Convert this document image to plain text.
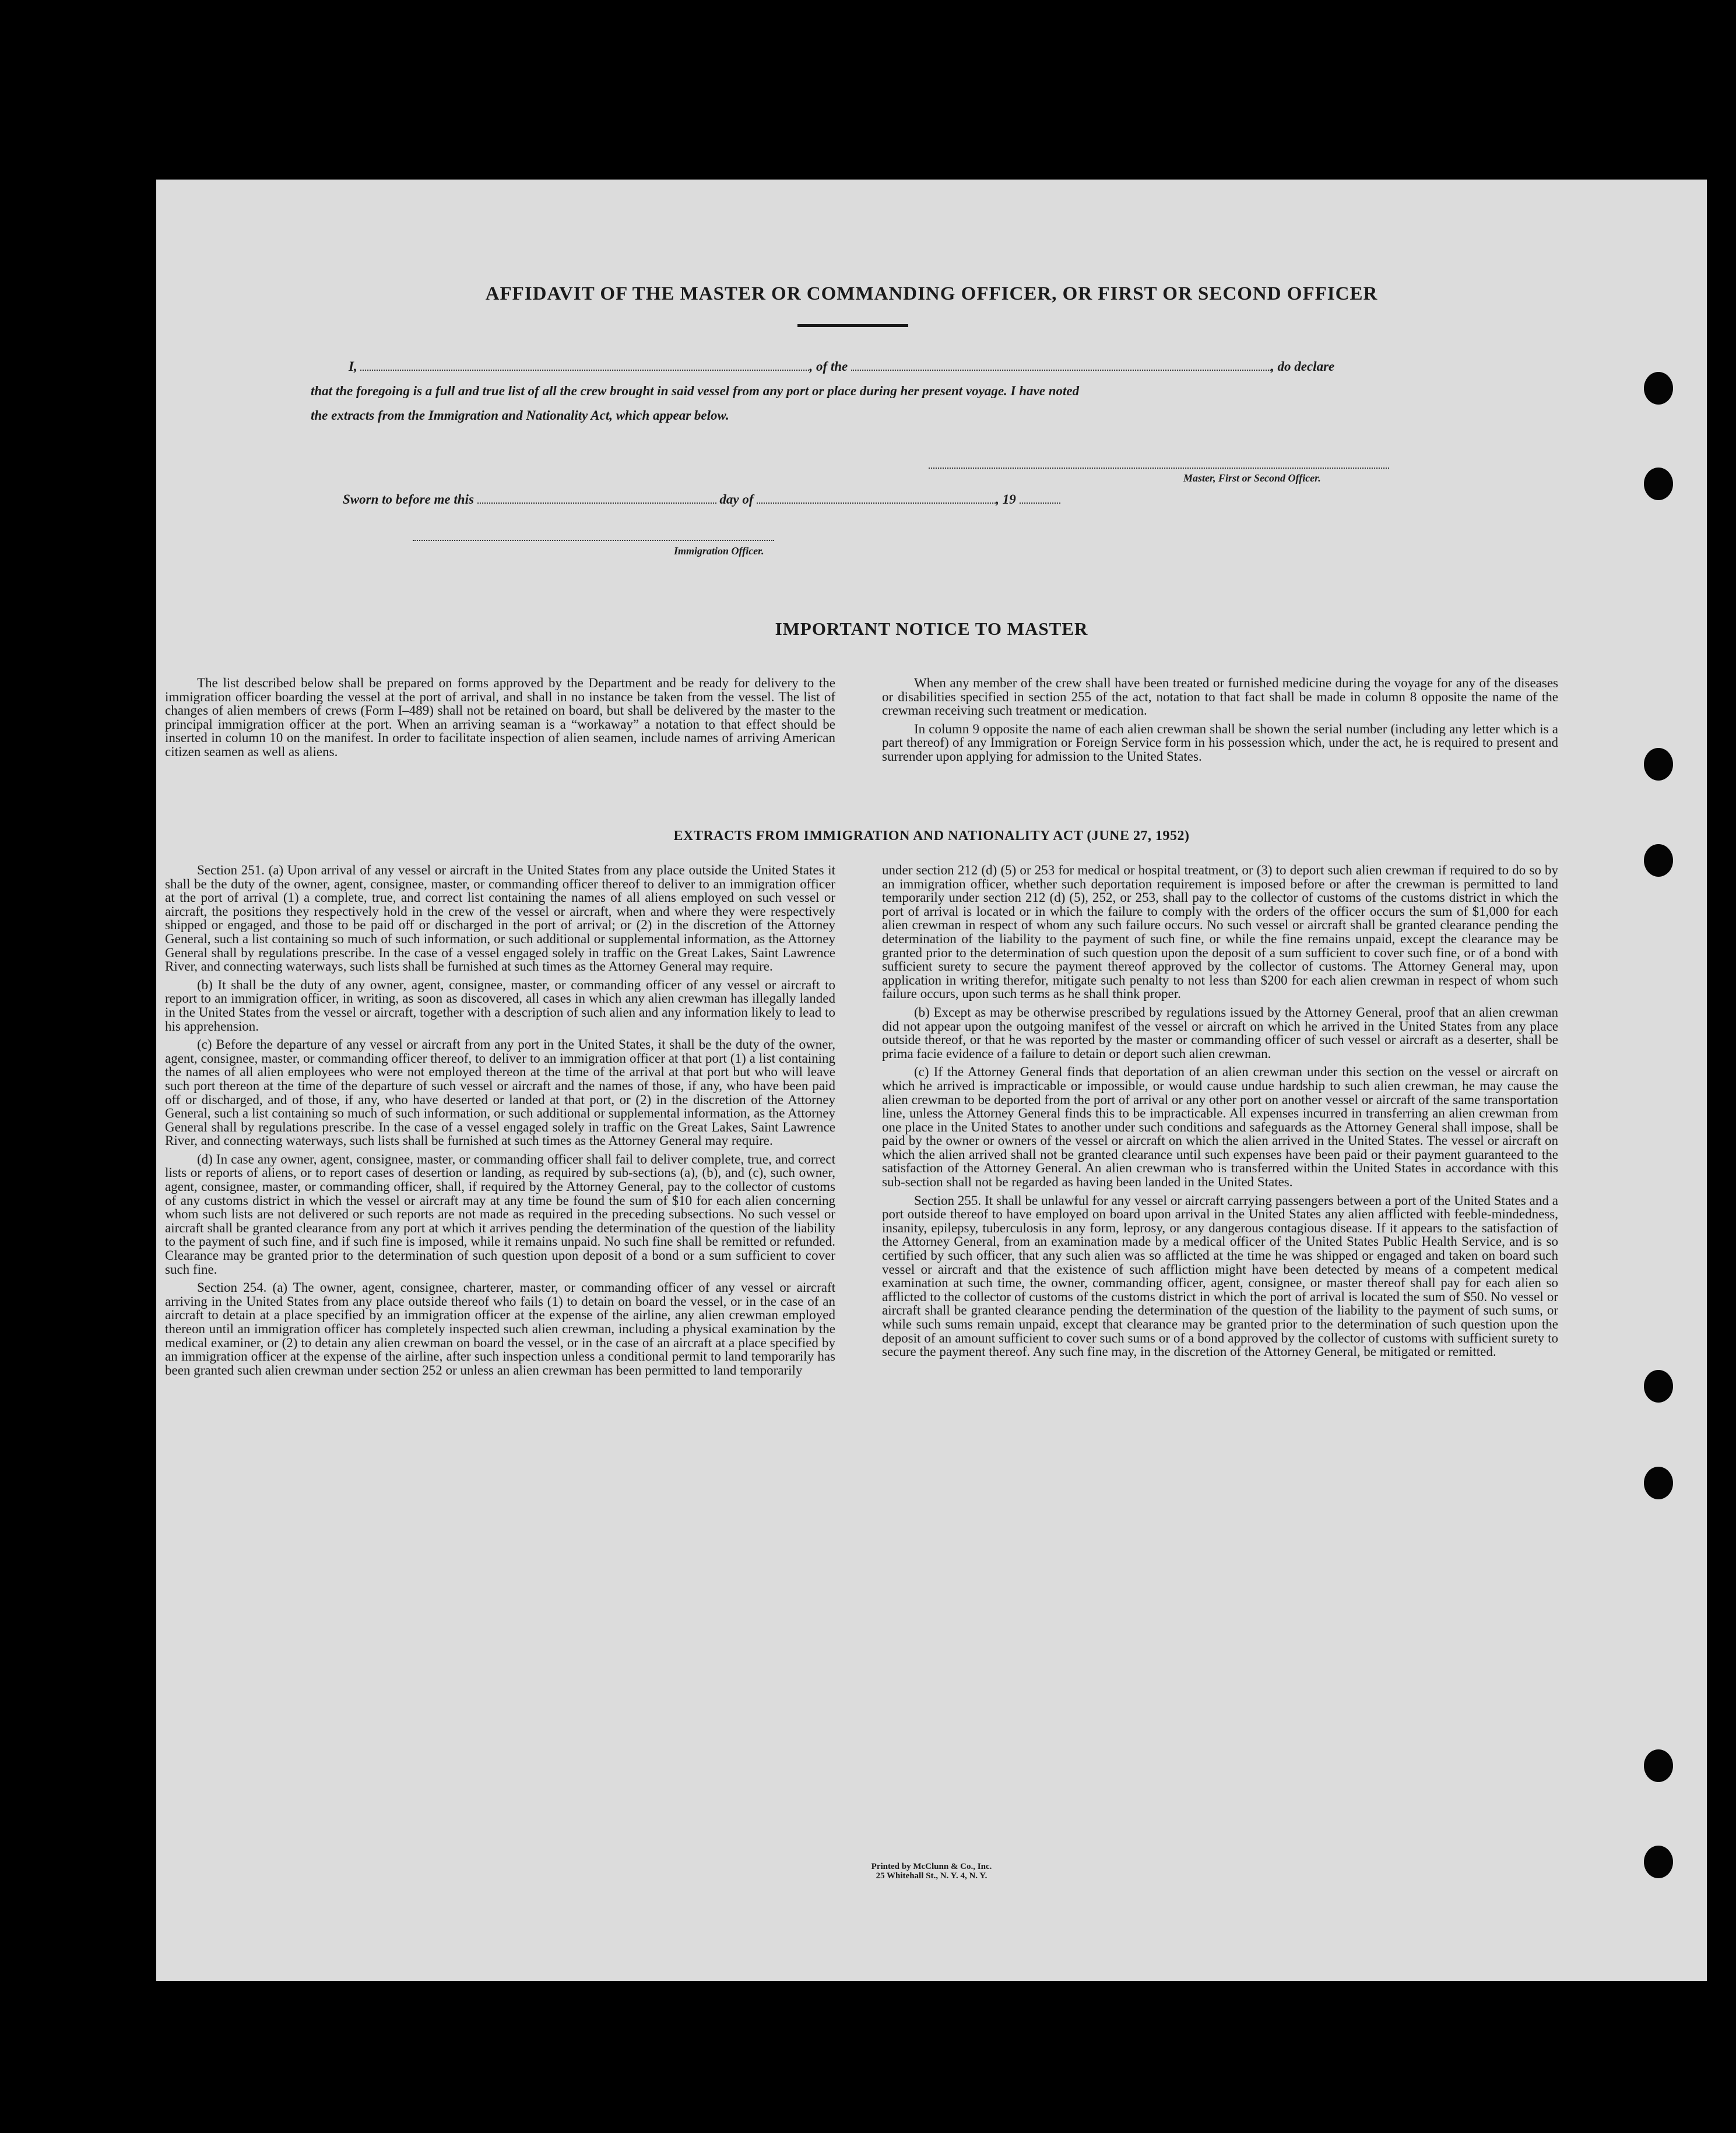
AFFIDAVIT OF THE MASTER OR COMMANDING OFFICER, OR FIRST OR SECOND OFFICER
I,	, of the	, do declare
that the foregoing is a full and true list of all the crew brought in said vessel from any port or place during her present voyage. I have noted
the extracts from the Immigration and Nationality Act, which appear below.
Master, First or Second Officer.
Sworn to before me this	day of	, 19
Immigration Officer.
IMPORTANT NOTICE TO MASTER

The list described below shall be prepared on forms approved by the Department and be ready for delivery to the immigration officer boarding the vessel at the port of arrival, and shall in no instance be taken from the vessel. The list of changes of alien members of crews (Form I–489) shall not be retained on board, but shall be delivered by the master to the principal immigration officer at the port. When an arriving seaman is a “workaway” a notation to that effect should be inserted in column 10 on the manifest. In order to facilitate inspection of alien seamen, include names of arriving American citizen seamen as well as aliens.

When any member of the crew shall have been treated or furnished medicine during the voyage for any of the diseases or disabilities specified in section 255 of the act, notation to that fact shall be made in column 8 opposite the name of the crewman receiving such treatment or medication.

In column 9 opposite the name of each alien crewman shall be shown the serial number (including any letter which is a part thereof) of any Immigration or Foreign Service form in his possession which, under the act, he is required to present and surrender upon applying for admission to the United States.

EXTRACTS FROM IMMIGRATION AND NATIONALITY ACT (JUNE 27, 1952)

Section 251. (a) Upon arrival of any vessel or aircraft in the United States from any place outside the United States it shall be the duty of the owner, agent, consignee, master, or commanding officer thereof to deliver to an immigration officer at the port of arrival (1) a complete, true, and correct list containing the names of all aliens employed on such vessel or aircraft, the positions they respectively hold in the crew of the vessel or aircraft, when and where they were respectively shipped or engaged, and those to be paid off or discharged in the port of arrival; or (2) in the discretion of the Attorney General, such a list containing so much of such information, or such additional or supplemental information, as the Attorney General shall by regulations prescribe. In the case of a vessel engaged solely in traffic on the Great Lakes, Saint Lawrence River, and connecting waterways, such lists shall be furnished at such times as the Attorney General may require.

(b) It shall be the duty of any owner, agent, consignee, master, or commanding officer of any vessel or aircraft to report to an immigration officer, in writing, as soon as discovered, all cases in which any alien crewman has illegally landed in the United States from the vessel or aircraft, together with a description of such alien and any information likely to lead to his apprehension.

(c) Before the departure of any vessel or aircraft from any port in the United States, it shall be the duty of the owner, agent, consignee, master, or commanding officer thereof, to deliver to an immigration officer at that port (1) a list containing the names of all alien employees who were not employed thereon at the time of the arrival at that port but who will leave such port thereon at the time of the departure of such vessel or aircraft and the names of those, if any, who have been paid off or discharged, and of those, if any, who have deserted or landed at that port, or (2) in the discretion of the Attorney General, such a list containing so much of such information, or such additional or supplemental information, as the Attorney General shall by regulations prescribe. In the case of a vessel engaged solely in traffic on the Great Lakes, Saint Lawrence River, and connecting waterways, such lists shall be furnished at such times as the Attorney General may require.

(d) In case any owner, agent, consignee, master, or commanding officer shall fail to deliver complete, true, and correct lists or reports of aliens, or to report cases of desertion or landing, as required by sub-sections (a), (b), and (c), such owner, agent, consignee, master, or commanding officer, shall, if required by the Attorney General, pay to the collector of customs of any customs district in which the vessel or aircraft may at any time be found the sum of $10 for each alien concerning whom such lists are not delivered or such reports are not made as required in the preceding subsections. No such vessel or aircraft shall be granted clearance from any port at which it arrives pending the determination of the question of the liability to the payment of such fine, and if such fine is imposed, while it remains unpaid. No such fine shall be remitted or refunded. Clearance may be granted prior to the determination of such question upon deposit of a bond or a sum sufficient to cover such fine.

Section 254. (a) The owner, agent, consignee, charterer, master, or commanding officer of any vessel or aircraft arriving in the United States from any place outside thereof who fails (1) to detain on board the vessel, or in the case of an aircraft to detain at a place specified by an immigration officer at the expense of the airline, any alien crewman employed thereon until an immigration officer has completely inspected such alien crewman, including a physical examination by the medical examiner, or (2) to detain any alien crewman on board the vessel, or in the case of an aircraft at a place specified by an immigration officer at the expense of the airline, after such inspection unless a conditional permit to land temporarily has been granted such alien crewman under section 252 or unless an alien crewman has been permitted to land temporarily

under section 212 (d) (5) or 253 for medical or hospital treatment, or (3) to deport such alien crewman if required to do so by an immigration officer, whether such deportation requirement is imposed before or after the crewman is permitted to land temporarily under section 212 (d) (5), 252, or 253, shall pay to the collector of customs of the customs district in which the port of arrival is located or in which the failure to comply with the orders of the officer occurs the sum of $1,000 for each alien crewman in respect of whom any such failure occurs. No such vessel or aircraft shall be granted clearance pending the determination of the liability to the payment of such fine, or while the fine remains unpaid, except the clearance may be granted prior to the determination of such question upon the deposit of a sum sufficient to cover such fine, or of a bond with sufficient surety to secure the payment thereof approved by the collector of customs. The Attorney General may, upon application in writing therefor, mitigate such penalty to not less than $200 for each alien crewman in respect of whom such failure occurs, upon such terms as he shall think proper.

(b) Except as may be otherwise prescribed by regulations issued by the Attorney General, proof that an alien crewman did not appear upon the outgoing manifest of the vessel or aircraft on which he arrived in the United States from any place outside thereof, or that he was reported by the master or commanding officer of such vessel or aircraft as a deserter, shall be prima facie evidence of a failure to detain or deport such alien crewman.

(c) If the Attorney General finds that deportation of an alien crewman under this section on the vessel or aircraft on which he arrived is impracticable or impossible, or would cause undue hardship to such alien crewman, he may cause the alien crewman to be deported from the port of arrival or any other port on another vessel or aircraft of the same transportation line, unless the Attorney General finds this to be impracticable. All expenses incurred in transferring an alien crewman from one place in the United States to another under such conditions and safeguards as the Attorney General shall impose, shall be paid by the owner or owners of the vessel or aircraft on which the alien arrived in the United States. The vessel or aircraft on which the alien arrived shall not be granted clearance until such expenses have been paid or their payment guaranteed to the satisfaction of the Attorney General. An alien crewman who is transferred within the United States in accordance with this sub-section shall not be regarded as having been landed in the United States.

Section 255. It shall be unlawful for any vessel or aircraft carrying passengers between a port of the United States and a port outside thereof to have employed on board upon arrival in the United States any alien afflicted with feeble-mindedness, insanity, epilepsy, tuberculosis in any form, leprosy, or any dangerous contagious disease. If it appears to the satisfaction of the Attorney General, from an examination made by a medical officer of the United States Public Health Service, and is so certified by such officer, that any such alien was so afflicted at the time he was shipped or engaged and taken on board such vessel or aircraft and that the existence of such affliction might have been detected by means of a competent medical examination at such time, the owner, commanding officer, agent, consignee, or master thereof shall pay for each alien so afflicted to the collector of customs of the customs district in which the port of arrival is located the sum of $50. No vessel or aircraft shall be granted clearance pending the determination of the question of the liability to the payment of such sums, or while such sums remain unpaid, except that clearance may be granted prior to the determination of such question upon the deposit of an amount sufficient to cover such sums or of a bond approved by the collector of customs with sufficient surety to secure the payment thereof. Any such fine may, in the discretion of the Attorney General, be mitigated or remitted.

Printed by McClunn & Co., Inc.
25 Whitehall St., N. Y. 4, N. Y.
